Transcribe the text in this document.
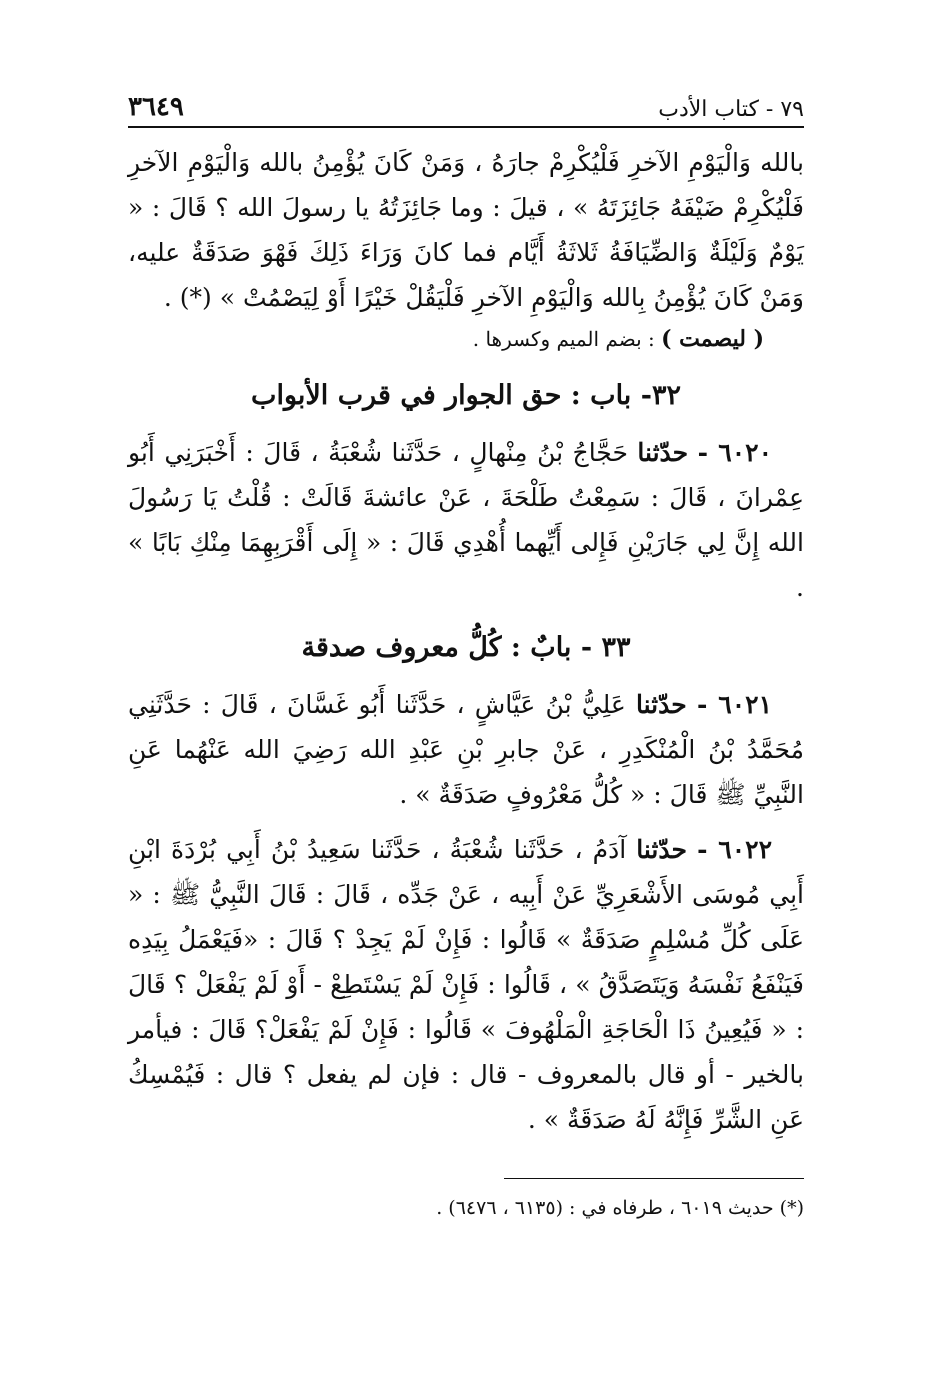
٧٩ - كتاب الأدب
٣٦٤٩

بالله وَالْيَوْمِ الآخرِ فَلْيُكْرِمْ جارَهُ ، وَمَنْ كَانَ يُؤْمِنُ بالله وَالْيَوْمِ الآخرِ فَلْيُكْرِمْ ضَيْفَهُ جَائِزَتَهُ » ، قيلَ : وما جَائِزَتُهُ يا رسولَ الله ؟ قَالَ : « يَوْمٌ وَلَيْلَةٌ وَالضِّيَافَةُ ثَلاثَةُ أَيَّام فما كانَ وَرَاءَ ذَلِكَ فَهْوَ صَدَقَةٌ عليه، وَمَنْ كَانَ يُؤْمِنُ بِالله وَالْيَوْمِ الآخرِ فَلْيَقُلْ خَيْرًا أَوْ لِيَصْمُتْ » (*) .

( ليصمت ) : بضم الميم وكسرها .

٣٢- باب : حق الجوار في قرب الأبواب

٦٠٢٠ - حدّثنا حَجَّاجُ بْنُ مِنْهالٍ ، حَدَّثَنا شُعْبَةُ ، قَالَ : أَخْبَرَنِي أَبُو عِمْرانَ ، قَالَ : سَمِعْتُ طَلْحَةَ ، عَنْ عائشةَ قَالَتْ : قُلْتُ يَا رَسُولَ الله إِنَّ لِي جَارَيْنِ فَإِلى أَيِّهما أُهْدِي قَالَ : « إِلَى أَقْرَبِهِمَا مِنْكِ بَابًا » .

٣٣ - بابٌ : كُلُّ معروف صدقة

٦٠٢١ - حدّثنا عَلِيُّ بْنُ عَيَّاشٍ ، حَدَّثَنا أَبُو غَسَّانَ ، قَالَ : حَدَّثَنِي مُحَمَّدُ بْنُ الْمُنْكَدِرِ ، عَنْ جابرِ بْنِ عَبْدِ الله رَضِيَ الله عَنْهُما عَنِ النَّبِيِّ ﷺ قَالَ : « كُلُّ مَعْرُوفٍ صَدَقَةٌ » .

٦٠٢٢ - حدّثنا آدَمُ ، حَدَّثَنا شُعْبَةُ ، حَدَّثَنا سَعِيدُ بْنُ أَبِي بُرْدَةَ ابْنِ أَبِي مُوسَى الأَشْعَرِيِّ عَنْ أَبِيه ، عَنْ جَدِّه ، قَالَ : قَالَ النَّبِيُّ ﷺ : « عَلَى كُلِّ مُسْلِمٍ صَدَقَةٌ » قَالُوا : فَإِنْ لَمْ يَجِدْ ؟ قَالَ : «فَيَعْمَلُ بِيَدِه فَيَنْفَعُ نَفْسَهُ وَيَتَصَدَّقُ » ، قَالُوا : فَإِنْ لَمْ يَسْتَطِعْ - أَوْ لَمْ يَفْعَلْ ؟ قَالَ : « فَيُعِينُ ذَا الْحَاجَةِ الْمَلْهُوفَ » قَالُوا : فَإِنْ لَمْ يَفْعَلْ؟ قَالَ : فيأمر بالخير - أو قال بالمعروف - قال : فإن لم يفعل ؟ قال : فَيُمْسِكُ عَنِ الشَّرِّ فَإِنَّهُ لَهُ صَدَقَةٌ » .

(*) حديث ٦٠١٩ ، طرفاه في : (٦١٣٥ ، ٦٤٧٦) .
